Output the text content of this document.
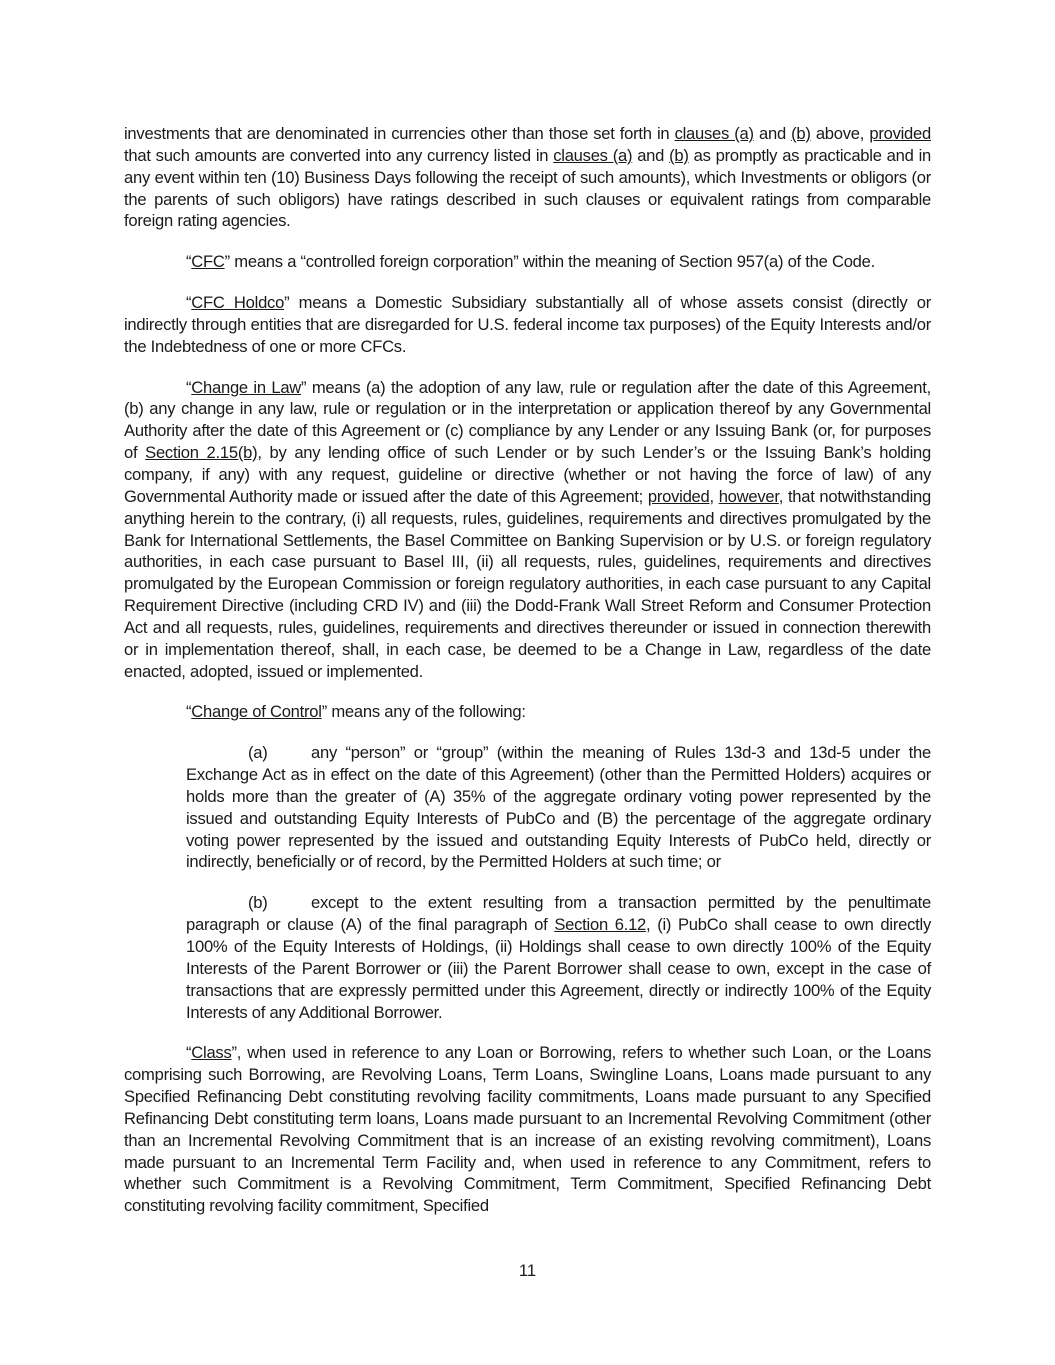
investments that are denominated in currencies other than those set forth in clauses (a) and (b) above, provided that such amounts are converted into any currency listed in clauses (a) and (b) as promptly as practicable and in any event within ten (10) Business Days following the receipt of such amounts), which Investments or obligors (or the parents of such obligors) have ratings described in such clauses or equivalent ratings from comparable foreign rating agencies.

“CFC” means a “controlled foreign corporation” within the meaning of Section 957(a) of the Code.

“CFC Holdco” means a Domestic Subsidiary substantially all of whose assets consist (directly or indirectly through entities that are disregarded for U.S. federal income tax purposes) of the Equity Interests and/or the Indebtedness of one or more CFCs.

“Change in Law” means (a) the adoption of any law, rule or regulation after the date of this Agreement, (b) any change in any law, rule or regulation or in the interpretation or application thereof by any Governmental Authority after the date of this Agreement or (c) compliance by any Lender or any Issuing Bank (or, for purposes of Section 2.15(b), by any lending office of such Lender or by such Lender’s or the Issuing Bank’s holding company, if any) with any request, guideline or directive (whether or not having the force of law) of any Governmental Authority made or issued after the date of this Agreement; provided, however, that notwithstanding anything herein to the contrary, (i) all requests, rules, guidelines, requirements and directives promulgated by the Bank for International Settlements, the Basel Committee on Banking Supervision or by U.S. or foreign regulatory authorities, in each case pursuant to Basel III, (ii) all requests, rules, guidelines, requirements and directives promulgated by the European Commission or foreign regulatory authorities, in each case pursuant to any Capital Requirement Directive (including CRD IV) and (iii) the Dodd-Frank Wall Street Reform and Consumer Protection Act and all requests, rules, guidelines, requirements and directives thereunder or issued in connection therewith or in implementation thereof, shall, in each case, be deemed to be a Change in Law, regardless of the date enacted, adopted, issued or implemented.

“Change of Control” means any of the following:

(a)	any “person” or “group” (within the meaning of Rules 13d-3 and 13d-5 under the Exchange Act as in effect on the date of this Agreement) (other than the Permitted Holders) acquires or holds more than the greater of (A) 35% of the aggregate ordinary voting power represented by the issued and outstanding Equity Interests of PubCo and (B) the percentage of the aggregate ordinary voting power represented by the issued and outstanding Equity Interests of PubCo held, directly or indirectly, beneficially or of record, by the Permitted Holders at such time; or

(b)	except to the extent resulting from a transaction permitted by the penultimate paragraph or clause (A) of the final paragraph of Section 6.12, (i) PubCo shall cease to own directly 100% of the Equity Interests of Holdings, (ii) Holdings shall cease to own directly 100% of the Equity Interests of the Parent Borrower or (iii) the Parent Borrower shall cease to own, except in the case of transactions that are expressly permitted under this Agreement, directly or indirectly 100% of the Equity Interests of any Additional Borrower.

“Class”, when used in reference to any Loan or Borrowing, refers to whether such Loan, or the Loans comprising such Borrowing, are Revolving Loans, Term Loans, Swingline Loans, Loans made pursuant to any Specified Refinancing Debt constituting revolving facility commitments, Loans made pursuant to any Specified Refinancing Debt constituting term loans, Loans made pursuant to an Incremental Revolving Commitment (other than an Incremental Revolving Commitment that is an increase of an existing revolving commitment), Loans made pursuant to an Incremental Term Facility and, when used in reference to any Commitment, refers to whether such Commitment is a Revolving Commitment, Term Commitment, Specified Refinancing Debt constituting revolving facility commitment, Specified

11
